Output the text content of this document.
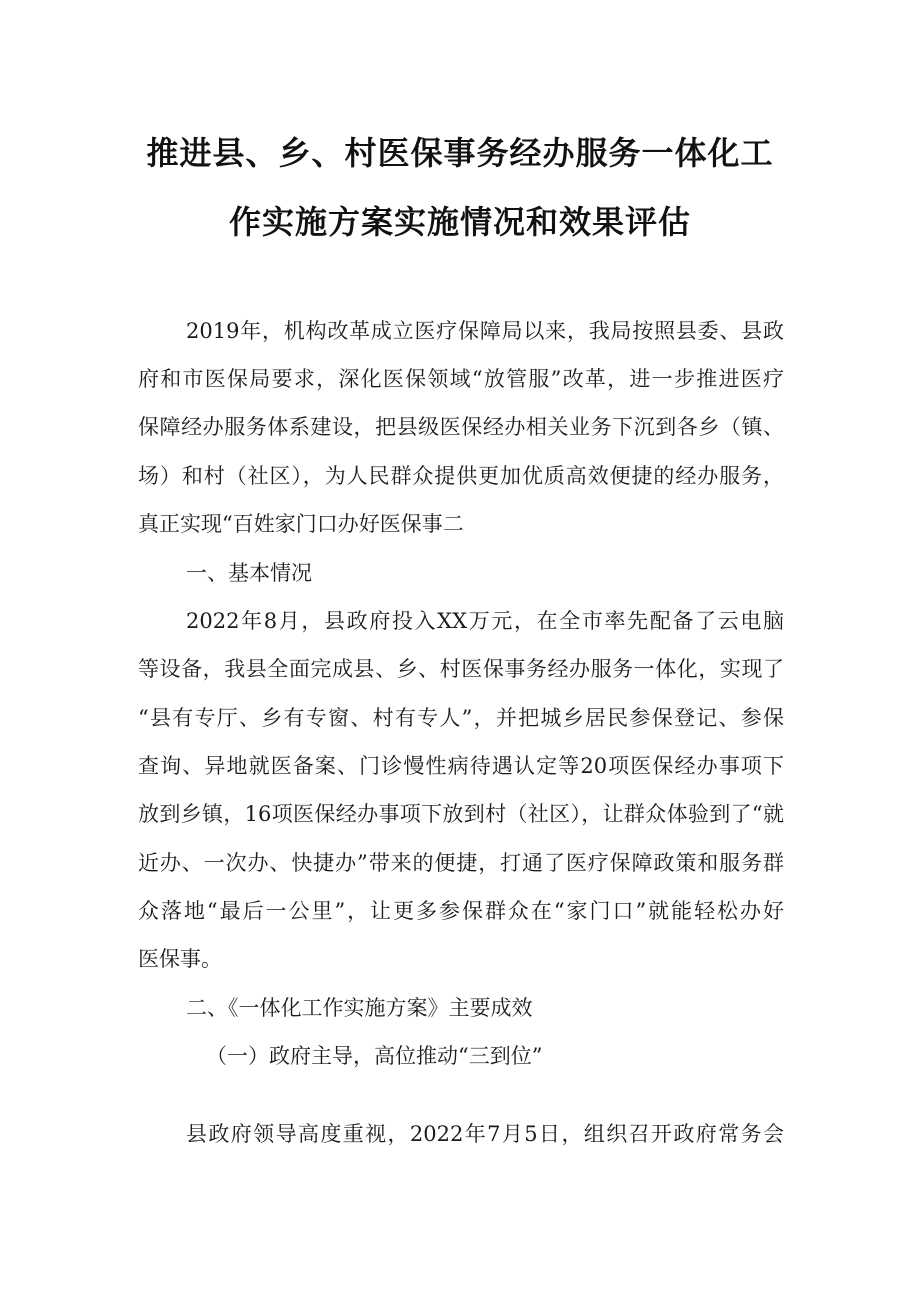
推进县、乡、村医保事务经办服务一体化工
作实施方案实施情况和效果评估
2019年，机构改革成立医疗保障局以来，我局按照县委、县政
府和市医保局要求，深化医保领域“放管服”改革，进一步推进医疗
保障经办服务体系建设，把县级医保经办相关业务下沉到各乡（镇、
场）和村（社区），为人民群众提供更加优质高效便捷的经办服务，
真正实现“百姓家门口办好医保事二
一、基本情况
2022年8月，县政府投入XX万元，在全市率先配备了云电脑
等设备，我县全面完成县、乡、村医保事务经办服务一体化，实现了
“县有专厅、乡有专窗、村有专人”，并把城乡居民参保登记、参保
查询、异地就医备案、门诊慢性病待遇认定等20项医保经办事项下
放到乡镇，16项医保经办事项下放到村（社区），让群众体验到了“就
近办、一次办、快捷办”带来的便捷，打通了医疗保障政策和服务群
众落地“最后一公里”，让更多参保群众在“家门口”就能轻松办好
医保事。
二、《一体化工作实施方案》主要成效
（一）政府主导，高位推动“三到位”
县政府领导高度重视，2022年7月5日，组织召开政府常务会
